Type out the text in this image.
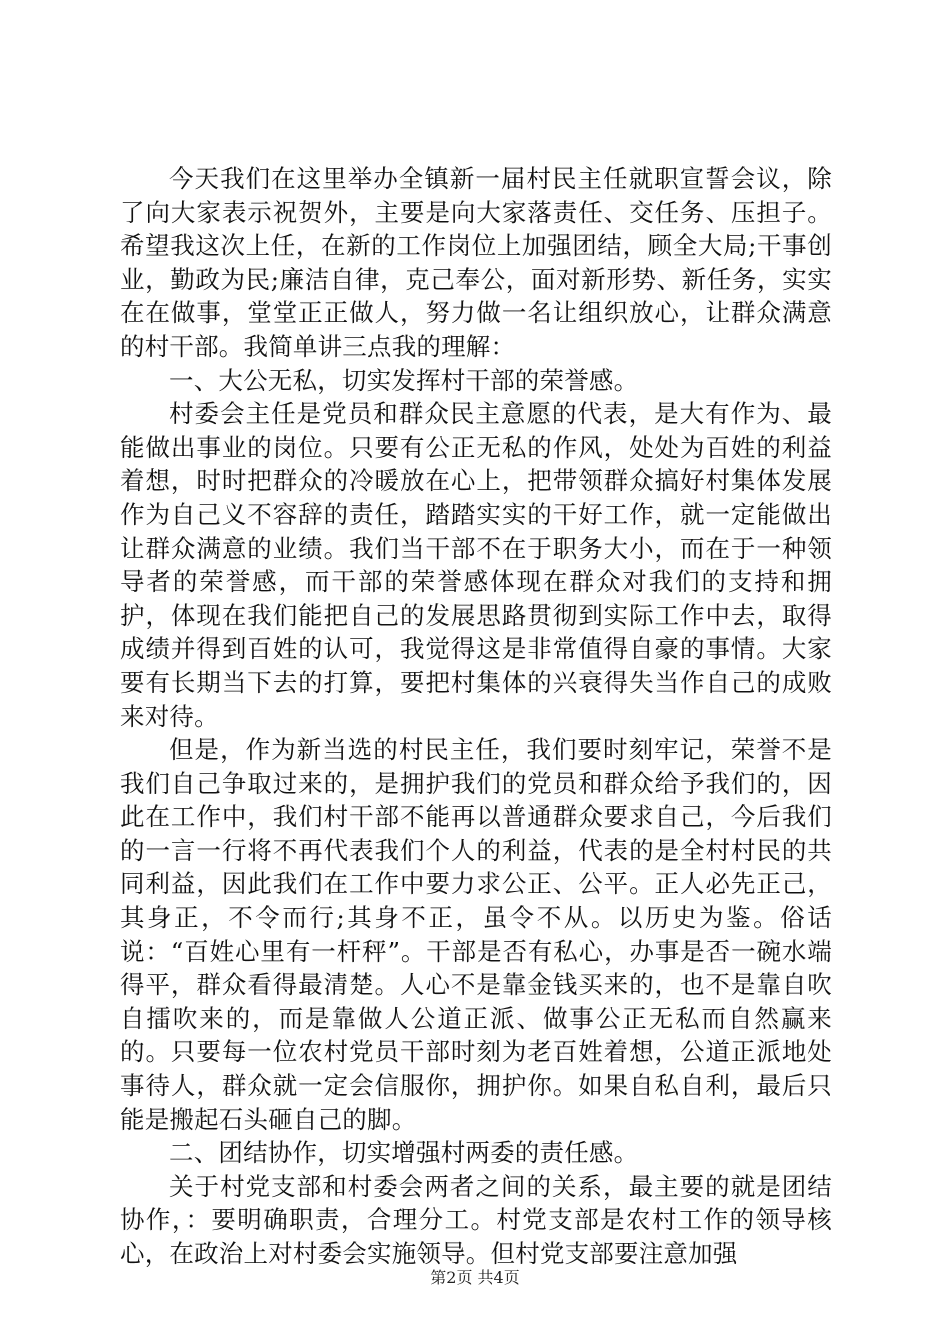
今天我们在这里举办全镇新一届村民主任就职宣誓会议，除了向大家表示祝贺外，主要是向大家落责任、交任务、压担子。希望我这次上任，在新的工作岗位上加强团结，顾全大局;干事创业，勤政为民;廉洁自律，克己奉公，面对新形势、新任务，实实在在做事，堂堂正正做人，努力做一名让组织放心，让群众满意的村干部。我简单讲三点我的理解：

一、大公无私，切实发挥村干部的荣誉感。

村委会主任是党员和群众民主意愿的代表，是大有作为、最能做出事业的岗位。只要有公正无私的作风，处处为百姓的利益着想，时时把群众的冷暖放在心上，把带领群众搞好村集体发展作为自己义不容辞的责任，踏踏实实的干好工作，就一定能做出让群众满意的业绩。我们当干部不在于职务大小，而在于一种领导者的荣誉感，而干部的荣誉感体现在群众对我们的支持和拥护，体现在我们能把自己的发展思路贯彻到实际工作中去，取得成绩并得到百姓的认可，我觉得这是非常值得自豪的事情。大家要有长期当下去的打算，要把村集体的兴衰得失当作自己的成败来对待。

但是，作为新当选的村民主任，我们要时刻牢记，荣誉不是我们自己争取过来的，是拥护我们的党员和群众给予我们的，因此在工作中，我们村干部不能再以普通群众要求自己，今后我们的一言一行将不再代表我们个人的利益，代表的是全村村民的共同利益，因此我们在工作中要力求公正、公平。正人必先正己，其身正，不令而行;其身不正，虽令不从。以历史为鉴。俗话说：“百姓心里有一杆秤”。干部是否有私心，办事是否一碗水端得平，群众看得最清楚。人心不是靠金钱买来的，也不是靠自吹自擂吹来的，而是靠做人公道正派、做事公正无私而自然赢来的。只要每一位农村党员干部时刻为老百姓着想，公道正派地处事待人，群众就一定会信服你，拥护你。如果自私自利，最后只能是搬起石头砸自己的脚。

二、团结协作，切实增强村两委的责任感。

关于村党支部和村委会两者之间的关系，最主要的就是团结协作，：要明确职责，合理分工。村党支部是农村工作的领导核心，在政治上对村委会实施领导。但村党支部要注意加强

第2页 共4页
